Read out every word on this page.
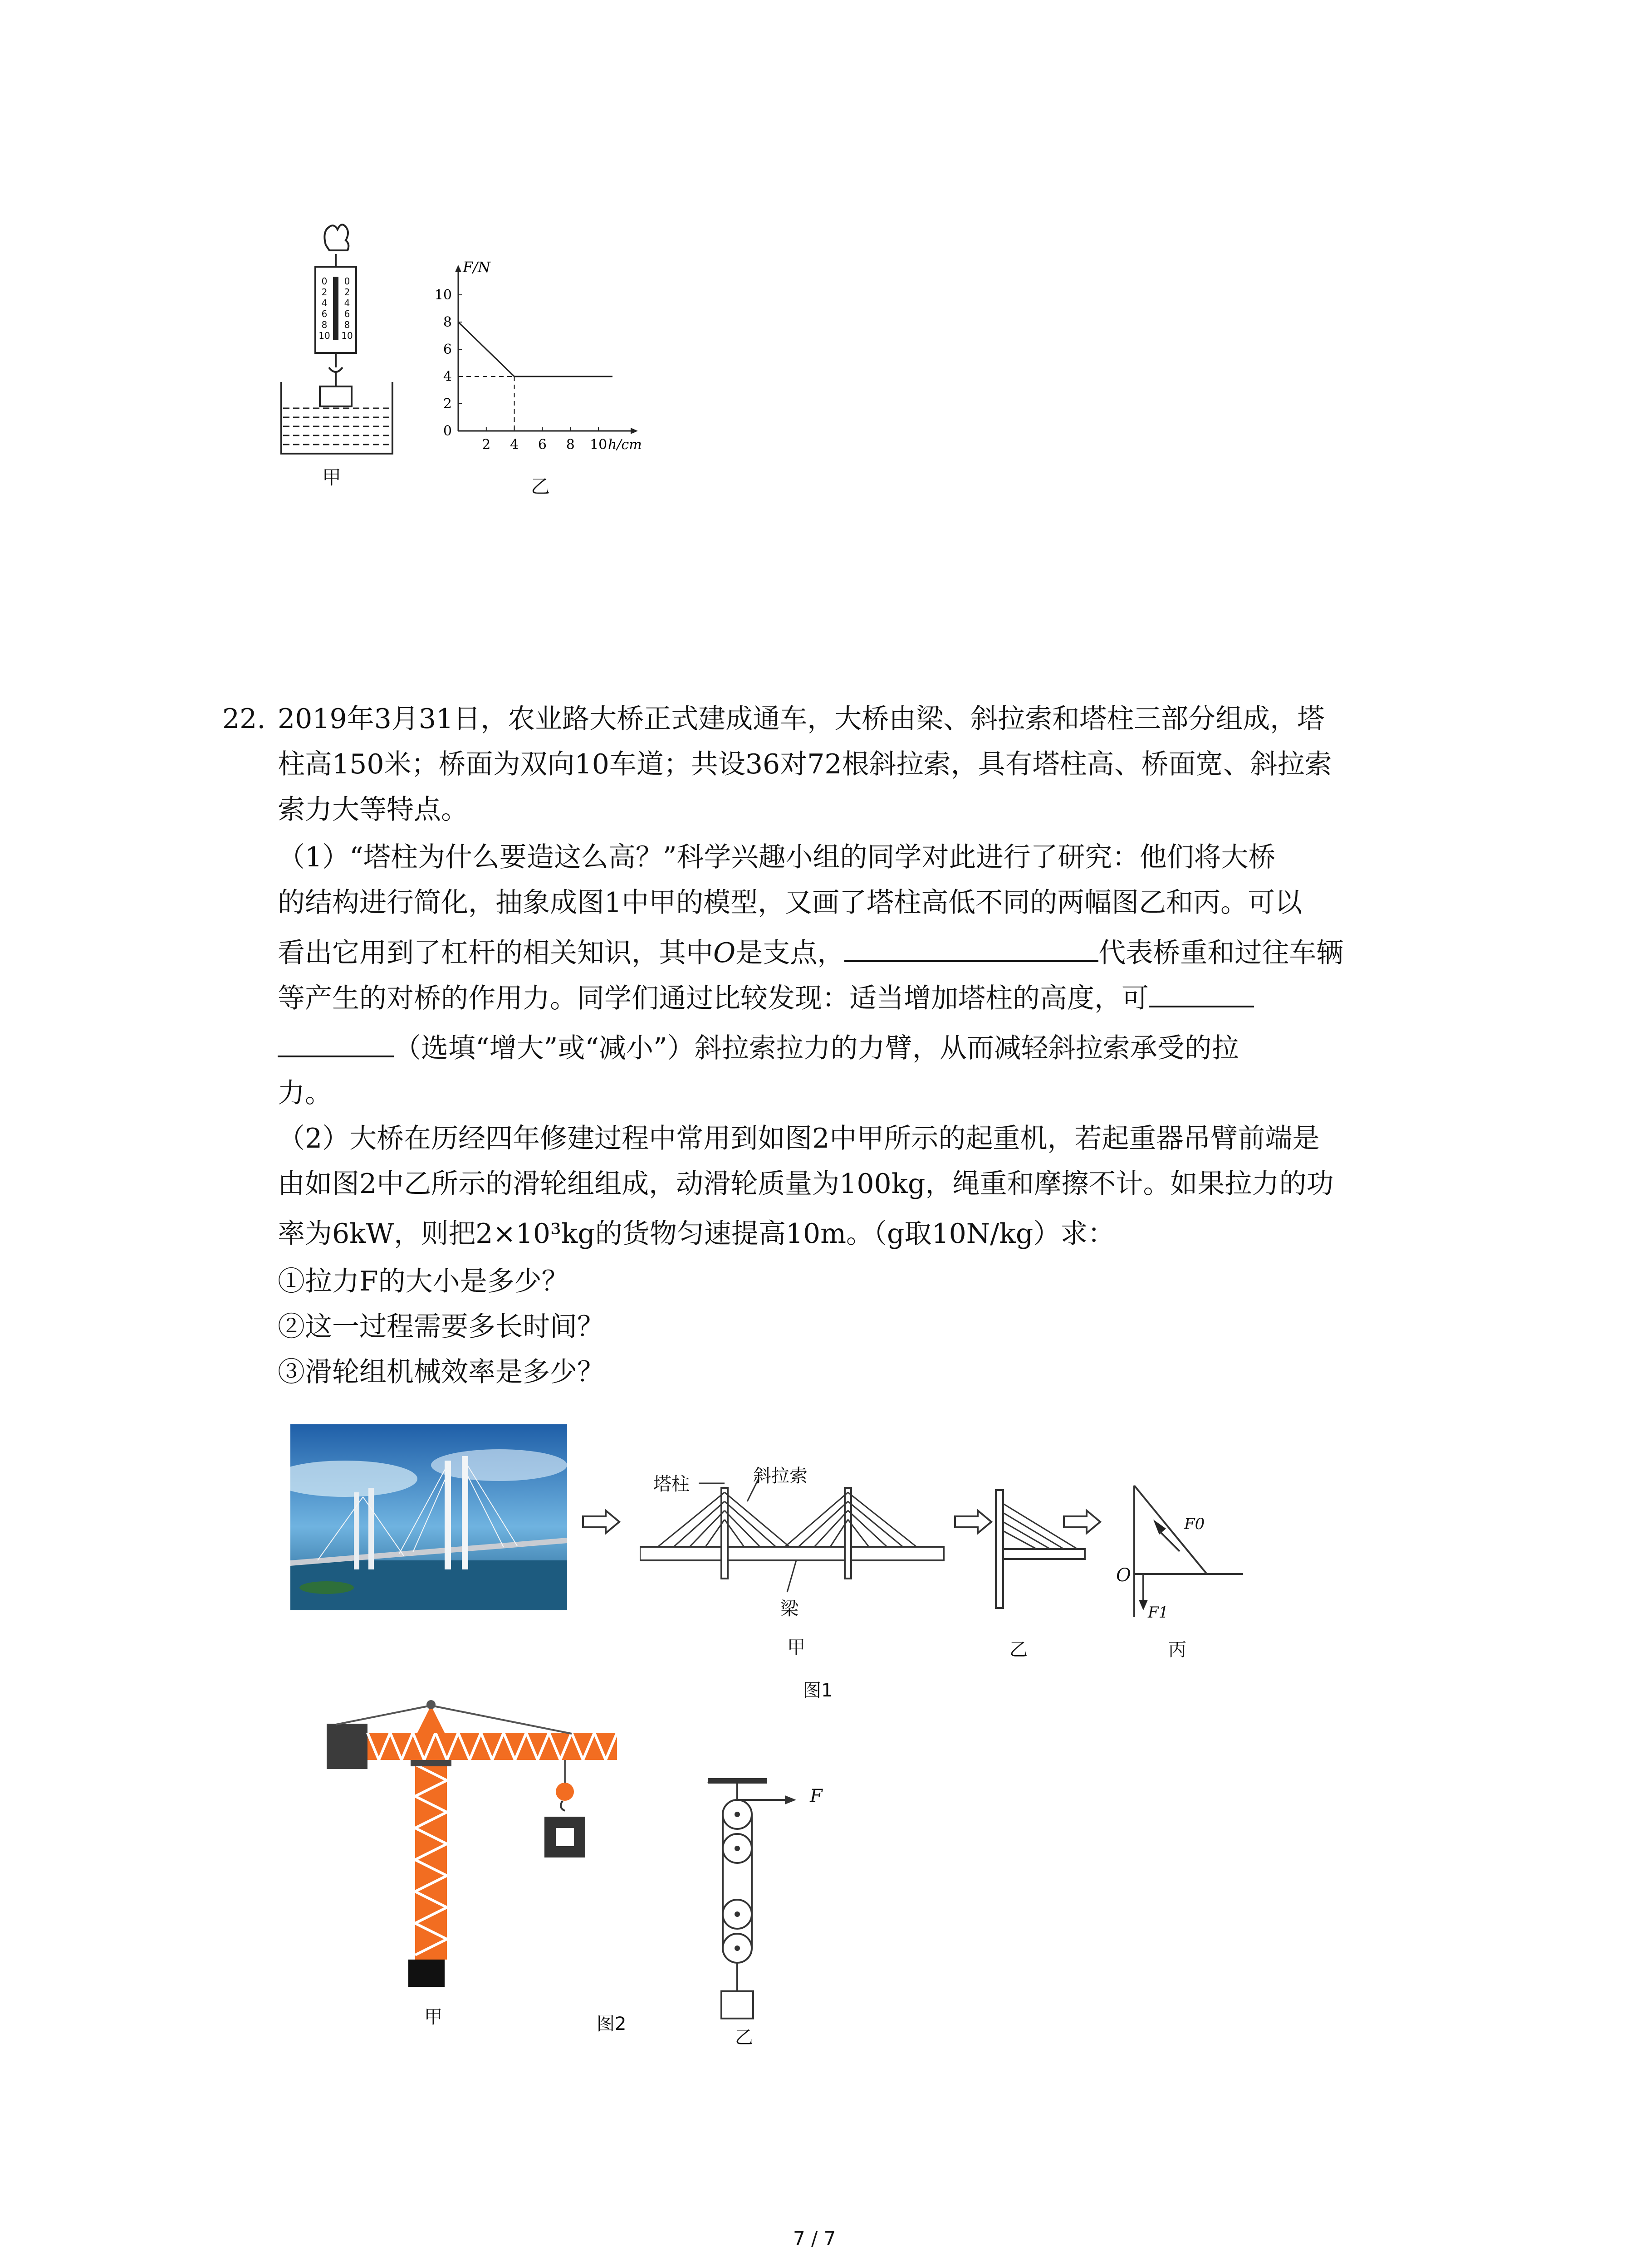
0
2
4
6
8
10
0
2
4
6
8
10
甲
0
2
4
6
8
10
2 4 6 8 10
F/N
h/cm
乙
22. 2019年3月31日，农业路大桥正式建成通车，大桥由梁、斜拉索和塔柱三部分组成，塔
柱高150米；桥面为双向10车道；共设36对72根斜拉索，具有塔柱高、桥面宽、斜拉索
索力大等特点。
（1）“塔柱为什么要造这么高？”科学兴趣小组的同学对此进行了研究：他们将大桥
的结构进行简化，抽象成图1中甲的模型，又画了塔柱高低不同的两幅图乙和丙。可以
看出它用到了杠杆的相关知识，其中O是支点，	代表桥重和过往车辆
等产生的对桥的作用力。同学们通过比较发现：适当增加塔柱的高度，可
（选填“增大”或“减小”）斜拉索拉力的力臂，从而减轻斜拉索承受的拉
力。
（2）大桥在历经四年修建过程中常用到如图2中甲所示的起重机，若起重器吊臂前端是
由如图2中乙所示的滑轮组组成，动滑轮质量为100kg，绳重和摩擦不计。如果拉力的功
率为6kW，则把2×10³kg的货物匀速提高10m。（g取10N/kg）求：
①拉力F的大小是多少？
②这一过程需要多长时间？
③滑轮组机械效率是多少？
塔柱	斜拉索
梁
甲	乙
O
F0
F1
丙
图1
甲	图2
F
乙
7 / 7
